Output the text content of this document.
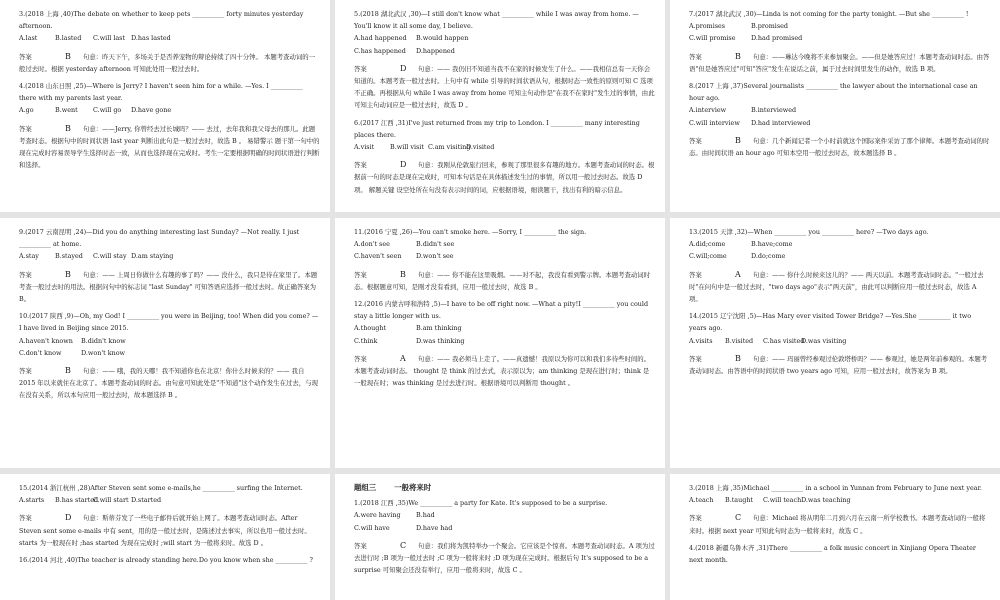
3.(2018 上海 ,40)The debate on whether to keep pets __________ forty minutes yesterday afternoon.
A.last	B.lasted	C.will last D.has lasted
答案	B 句意：昨天下午，多场关于是否养宠物的辩论持续了四十分钟。 本题考查动词的一般过去时。根据 yesterday afternoon 可知此处用一般过去时。
4.(2018 山东日照 ,25)—Where is Jerry? I haven't seen him for a while. —Yes. I __________ there with my parents last year.
A.go	B.went	C.will go	D.have gone
答案	B 句意：——Jerry, 你曾经去过长城吗？—— 去过，去年我和我父母去的那儿。此题考查时态。根据句中的时间状语 last year 判断出此句是一般过去时，故选 B 。 易错警示 题干第一句中的现在完成时容易误导学生选择时态一致，从而也选择现在完成时。考生一定要根据明确的时间状语进行判断和选择。
5.(2018 湖北武汉 ,30)—I still don't know what __________ while I was away from home. —You'll know it all some day, I believe.
A.had happened	B.would happen
C.has happened	D.happened
答案	D 句意：—— 我仍旧不知道当我不在家的时候发生了什么。——我相信总有一天你会知道的。本题考查一般过去时。上句中有 while 引导的时间状语从句，根据时态一致性的原则可知 C 选项不正确。再根据从句 while I was away from home 可知主句动作是"在我不在家时"发生过的事情，由此可知主句动词应是一般过去时，故选 D 。
6.(2017 江西 ,31)I've just returned from my trip to London. I __________ many interesting places there.
A.visit	B.will visit C.am visiting
D.visited
答案	D 句意：我刚从伦敦旅行回来，参观了那里很多有趣的地方。本题考查动词的时态。根据前一句的时态是现在完成时，可知本句话是在具体描述发生过的事情，所以用一般过去时态。故选 D 项。 解题关键 设空处所在句没有表示时间的词，应根据语境，细读题干，找出有利的暗示信息。
7.(2017 湖北武汉 ,30)—Linda is not coming for the party tonight. —But she __________ !
A.promises	B.promised
C.will promise	D.had promised
答案	B 句意：——琳达今晚将不来参加聚会。——但是她答应过！本题考查动词时态。由答语"但是她答应过"可知"答应"发生在说话之前，属于过去时间里发生的动作，故选 B 项。
8.(2017 上海 ,37)Several journalists __________ the lawyer about the international case an hour ago.
A.interview	B.interviewed
C.will interview	D.had interviewed
答案	B 句意：几个新闻记者一个小时前就这个国际案件采访了那个律师。本题考查动词的时态。由时间状语 an hour ago 可知本空用一般过去时态，故本题选择 B 。
9.(2017 云南昆明 ,24)—Did you do anything interesting last Sunday? —Not really. I just __________ at home.
A.stay	B.stayed	C.will stay D.am staying
答案	B 句意：—— 上周日你做什么有趣的事了吗？—— 没什么，我只是待在家里了。本题考查一般过去时的用法。根据问句中的标志词 "last Sunday" 可知答语应选择一般过去时。故正确答案为 B。
10.(2017 陕西 ,9)—Oh, my God! I __________ you were in Beijing, too! When did you come? —I have lived in Beijing since 2015.
A.haven't known	B.didn't know
C.don't know	D.won't know
答案	B 句意：—— 哦，我的天哪！我不知道你也在北京！你什么时候来的？—— 我自 2015 年以来就住在北京了。本题考查动词的时态。由句意可知此处是"不知道"这个动作发生在过去，与现在没有关系，所以本句应用一般过去时，故本题选择 B 。
11.(2016 宁夏 ,26)—You can't smoke here. —Sorry, I __________ the sign.
A.don't see	B.didn't see
C.haven't seen	D.won't see
答案	B 句意：—— 你不能在这里吸烟。——对不起，我没有看到警示牌。本题考查动词时态。根据题意可知，是刚才没有看到，应用一般过去时，故选 B 。
12.(2016 内蒙古呼和浩特 ,5)—I have to be off right now. —What a pity!I __________ you could stay a little longer with us.
A.thought	B.am thinking
C.think	D.was thinking
答案	A 句意：—— 我必须马上走了。——真遗憾！我原以为你可以和我们多待些时间的。本题考查动词时态。 thought 是 think 的过去式，表示原以为；am thinking 是现在进行时；think 是一般现在时；was thinking 是过去进行时。根据语境可以判断用 thought 。
13.(2015 天津 ,32)—When __________ you __________ here? —Two days ago.
A.did;come	B.have;come
C.will;come	D.do;come
答案	A 句意：—— 你什么时候来这儿的？—— 两天以前。本题考查动词时态。"一般过去时"在问句中是一般过去时，"two days ago"表示"两天前"，由此可以判断应用一般过去时态，故选 A 项。
14.(2015 辽宁沈阳 ,5)—Has Mary ever visited Tower Bridge? —Yes.She __________ it two years ago.
A.visits	B.visited	C.has visited
D.was visiting
答案	B 句意：—— 玛丽曾经参观过伦敦塔桥吗？—— 参观过，她是两年前参观的。本题考查动词时态。由答语中的时间状语 two years ago 可知，应用一般过去时，故答案为 B 项。
15.(2014 浙江杭州 ,28)After Steven sent some e-mails,he __________ surfing the Internet.
A.starts	B.has started
C.will start D.started
答案	D 句意：斯蒂芬发了一些电子邮件后就开始上网了。本题考查动词时态。After Steven sent some e-mails 中有 sent，用的是一般过去时，是陈述过去事实，所以也用一般过去时。 starts 为一般现在时 ;has started 为现在完成时 ;will start 为一般将来时。故选 D 。
16.(2014 河北 ,40)The teacher is already standing here.Do you know when she __________ ?
题组三 一般将来时
1.(2018 江西 ,35)We __________ a party for Kate. It's supposed to be a surprise.
A.were having	B.had
C.will have	D.have had
答案	C 句意：我们将为凯特举办一个聚会。它应该是个惊喜。本题考查动词时态。A 项为过去进行时 ;B 项为一般过去时 ;C 项为一般将来时 ;D 项为现在完成时。根据后句 It's supposed to be a surprise 可知聚会还没有举行，应用一般将来时，故选 C 。
3.(2018 上海 ,35)Michael __________ in a school in Yunnan from February to June next year.
A.teach	B.taught	C.will teach D.was teaching
答案	C 句意：Michael 将从明年二月到六月在云南一所学校教书。本题考查动词的一般将来时。根据 next year 可知此句时态为一般将来时，故选 C 。
4.(2018 新疆乌鲁木齐 ,31)There __________ a folk music concert in Xinjiang Opera Theater next month.
